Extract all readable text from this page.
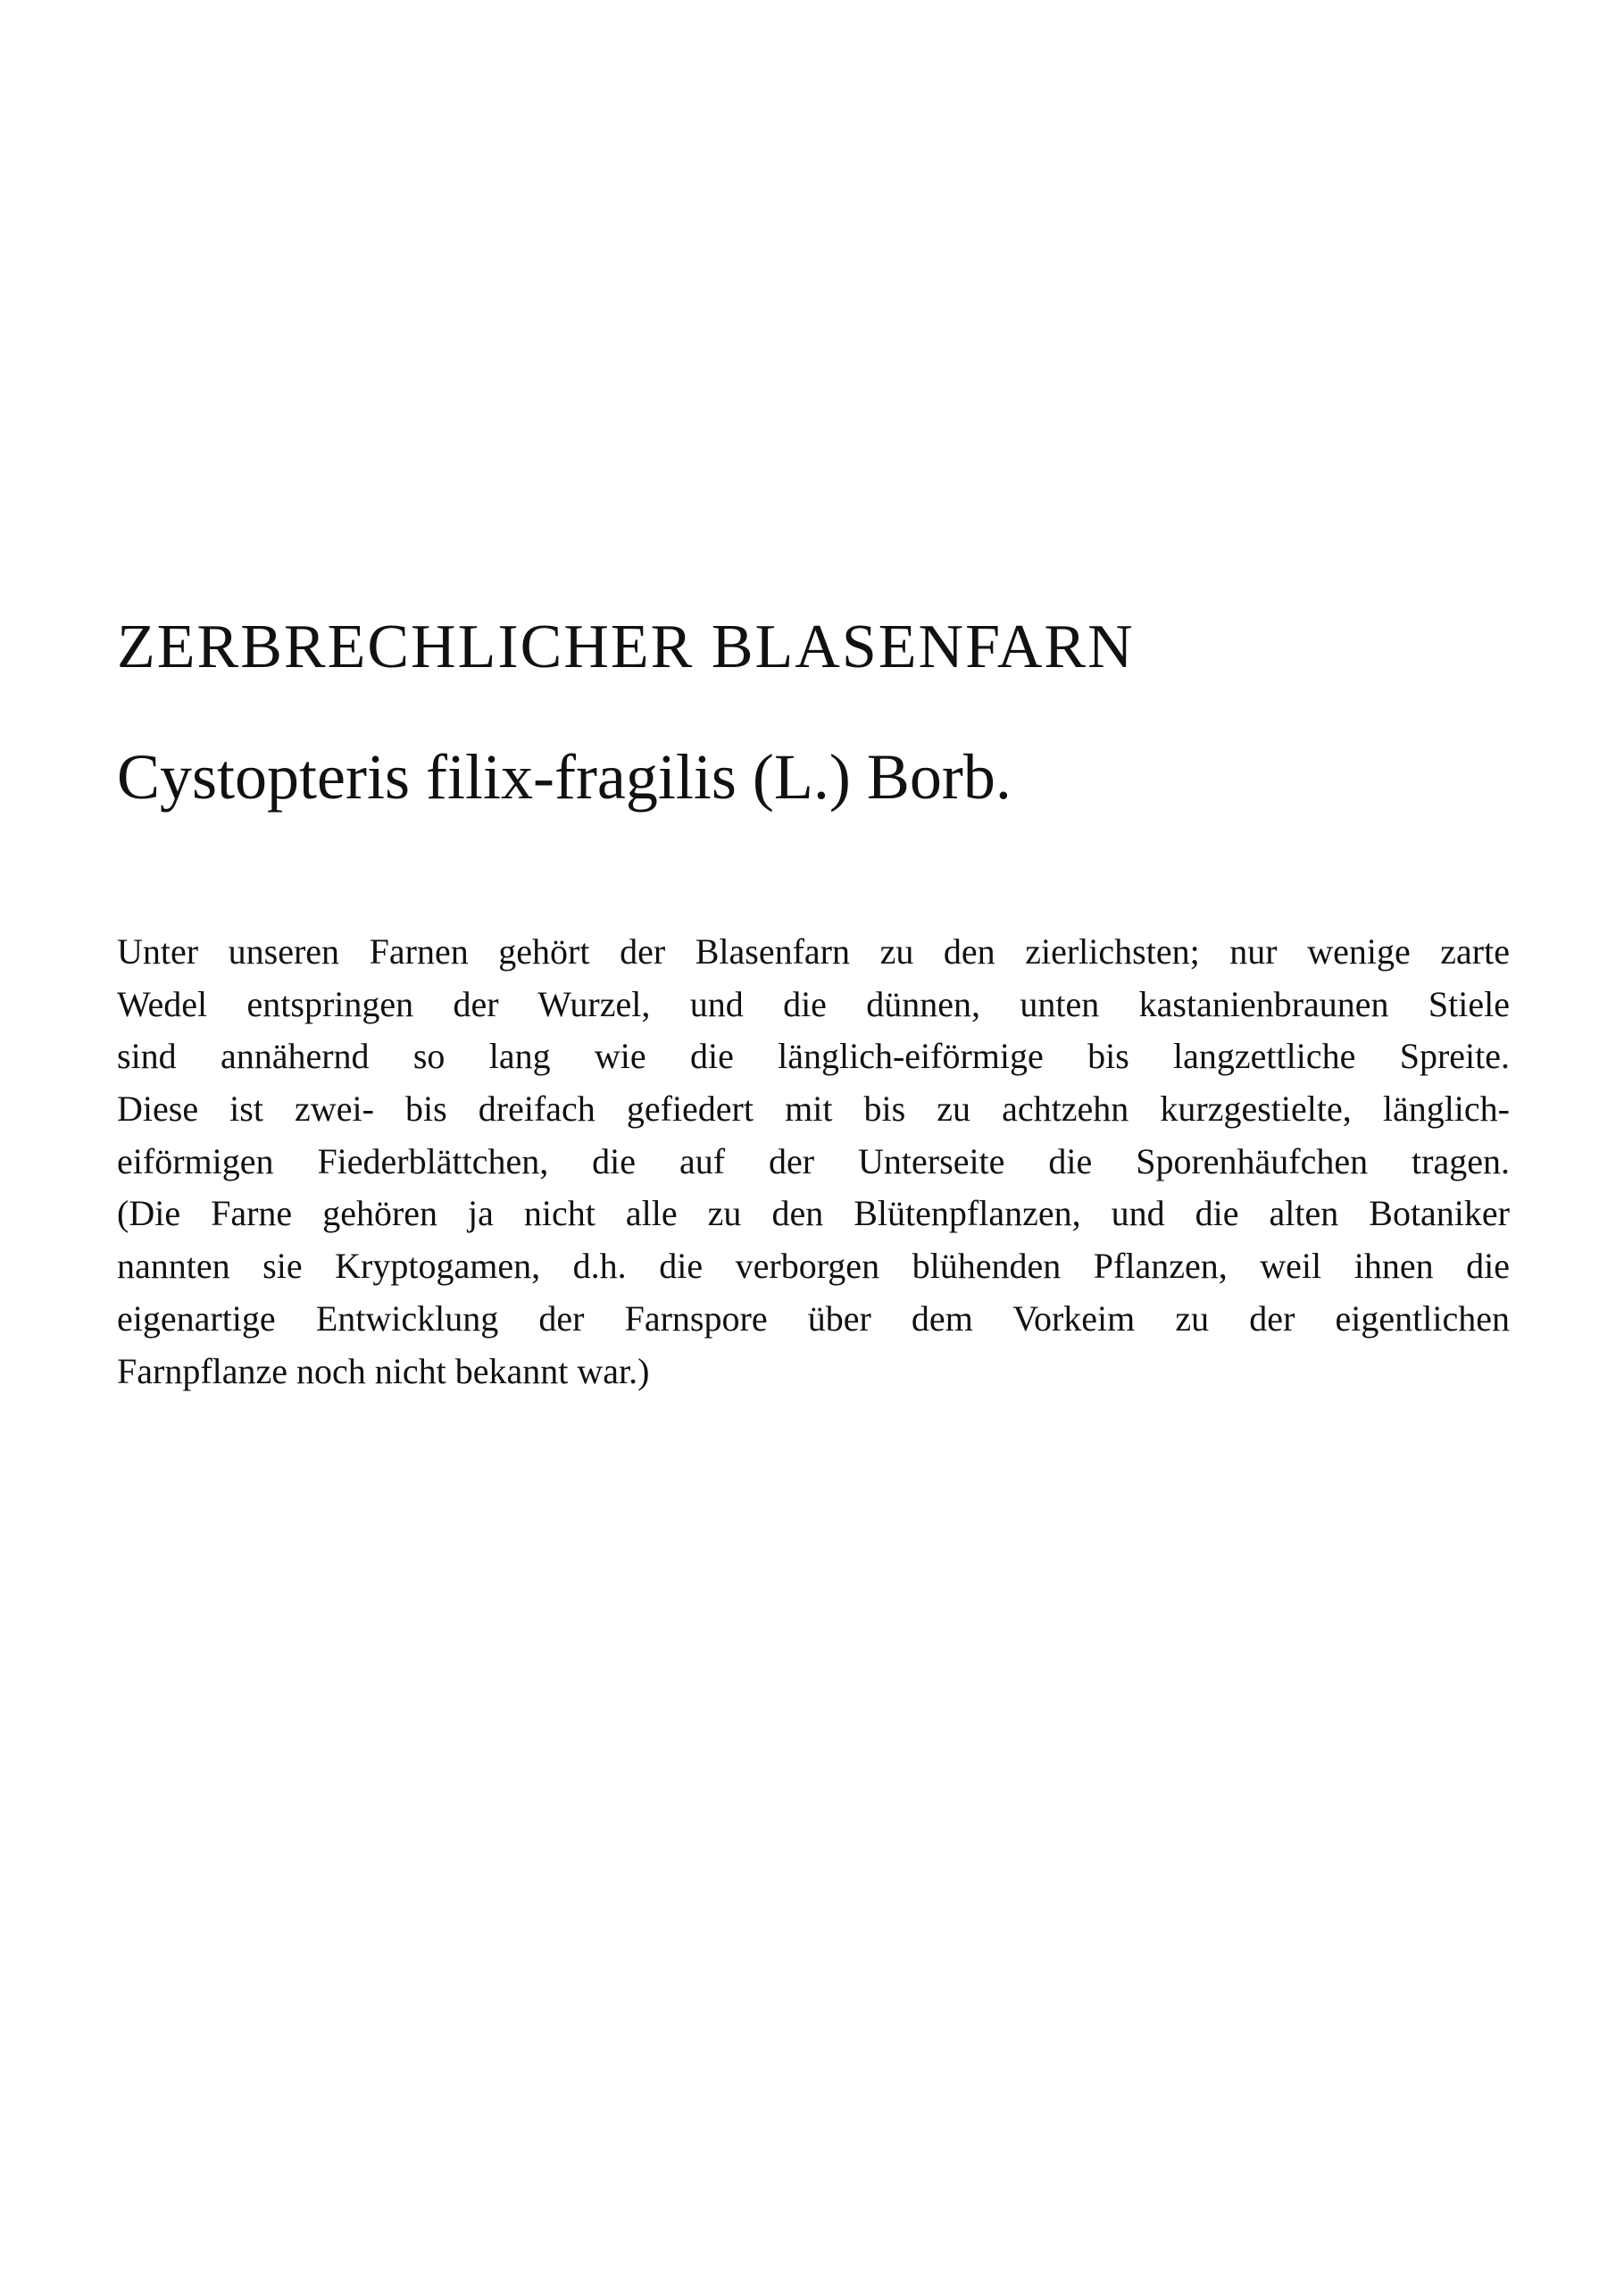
ZERBRECHLICHER BLASENFARN
Cystopteris filix-fragilis (L.) Borb.
Unter unseren Farnen gehört der Blasenfarn zu den zierlichsten; nur wenige zarte
Wedel entspringen der Wurzel, und die dünnen, unten kastanienbraunen Stiele
sind annähernd so lang wie die länglich-eiförmige bis langzettliche Spreite.
Diese ist zwei- bis dreifach gefiedert mit bis zu achtzehn kurzgestielte, länglich-
eiförmigen Fiederblättchen, die auf der Unterseite die Sporenhäufchen tragen.
(Die Farne gehören ja nicht alle zu den Blütenpflanzen, und die alten Botaniker
nannten sie Kryptogamen, d.h. die verborgen blühenden Pflanzen, weil ihnen die
eigenartige Entwicklung der Farnspore über dem Vorkeim zu der eigentlichen
Farnpflanze noch nicht bekannt war.)
